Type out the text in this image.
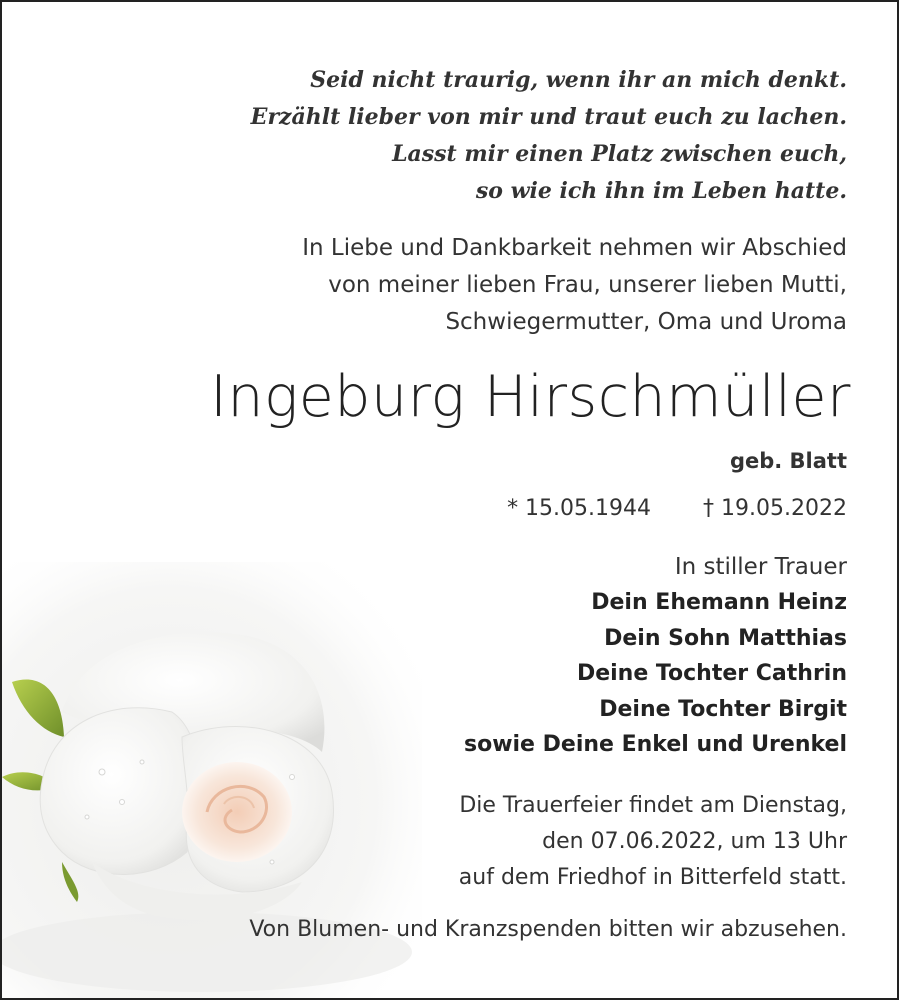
Seid nicht traurig, wenn ihr an mich denkt.
Erzählt lieber von mir und traut euch zu lachen.
Lasst mir einen Platz zwischen euch,
so wie ich ihn im Leben hatte.
In Liebe und Dankbarkeit nehmen wir Abschied
von meiner lieben Frau, unserer lieben Mutti,
Schwiegermutter, Oma und Uroma
Ingeburg Hirschmüller
geb. Blatt
* 15.05.1944 † 19.05.2022
In stiller Trauer
Dein Ehemann Heinz
Dein Sohn Matthias
Deine Tochter Cathrin
Deine Tochter Birgit
sowie Deine Enkel und Urenkel
Die Trauerfeier findet am Dienstag,
den 07.06.2022, um 13 Uhr
auf dem Friedhof in Bitterfeld statt.
Von Blumen- und Kranzspenden bitten wir abzusehen.
